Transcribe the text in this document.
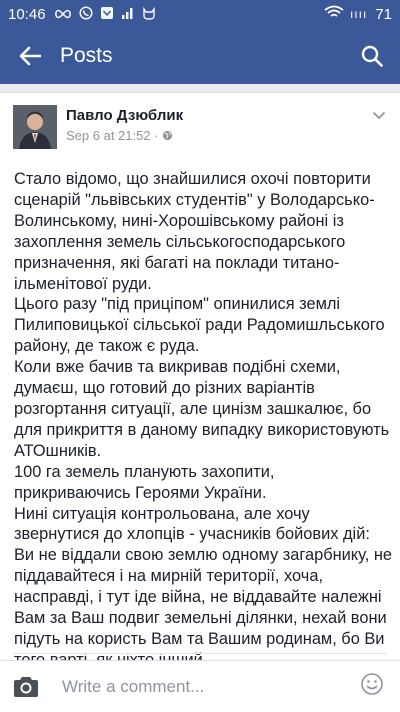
10:46	ıııı 71
Posts
Павло Дзюблик
Sep 6 at 21:52 ·

Стало відомо, що знайшилися охочі повторити сценарій "львівських студентів" у Володарсько-Волинському, нині-Хорошівському районі із захоплення земель сільськогосподарського призначення, які багаті на поклади титано-ільменітової руди.

Цього разу "під приціпом" опинилися землі Пилиповицької сільської ради Радомишльського району, де також є руда.

Коли вже бачив та викривав подібні схеми, думаєш, що готовий до різних варіантів розгортання ситуації, але цинізм зашкалює, бо для прикриття в даному випадку використовують АТОшників.

100 га земель планують захопити, прикриваючись Героями України.

Нині ситуація контрольована, але хочу звернутися до хлопців - учасників бойових дій: Ви не віддали свою землю одному загарбнику, не піддавайтеся і на мирній території, хоча, насправді, і тут іде війна, не віддавайте належні Вам за Ваш подвиг земельні ділянки, нехай вони підуть на користь Вам та Вашим родинам, бо Ви

Write a comment...
